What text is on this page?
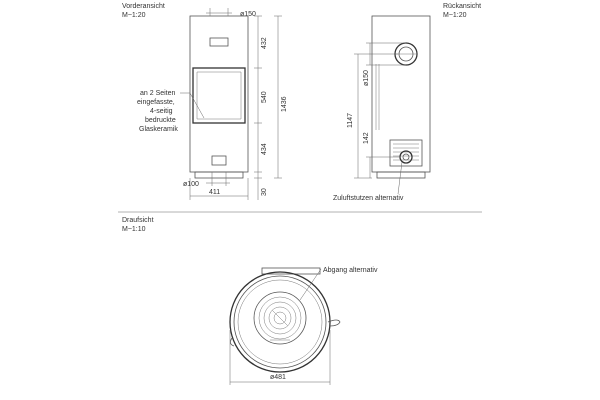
Vorderansicht
M~1:20	ø150
432
540
434
30
1436
ø100
411
an 2 Seiten
eingefasste,
4-seitig
bedruckte
Glaskeramik
Rückansicht
M~1:20
1147
ø150
142
Zuluftstutzen alternativ
Draufsicht
M~1:10
Abgang alternativ
ø481
